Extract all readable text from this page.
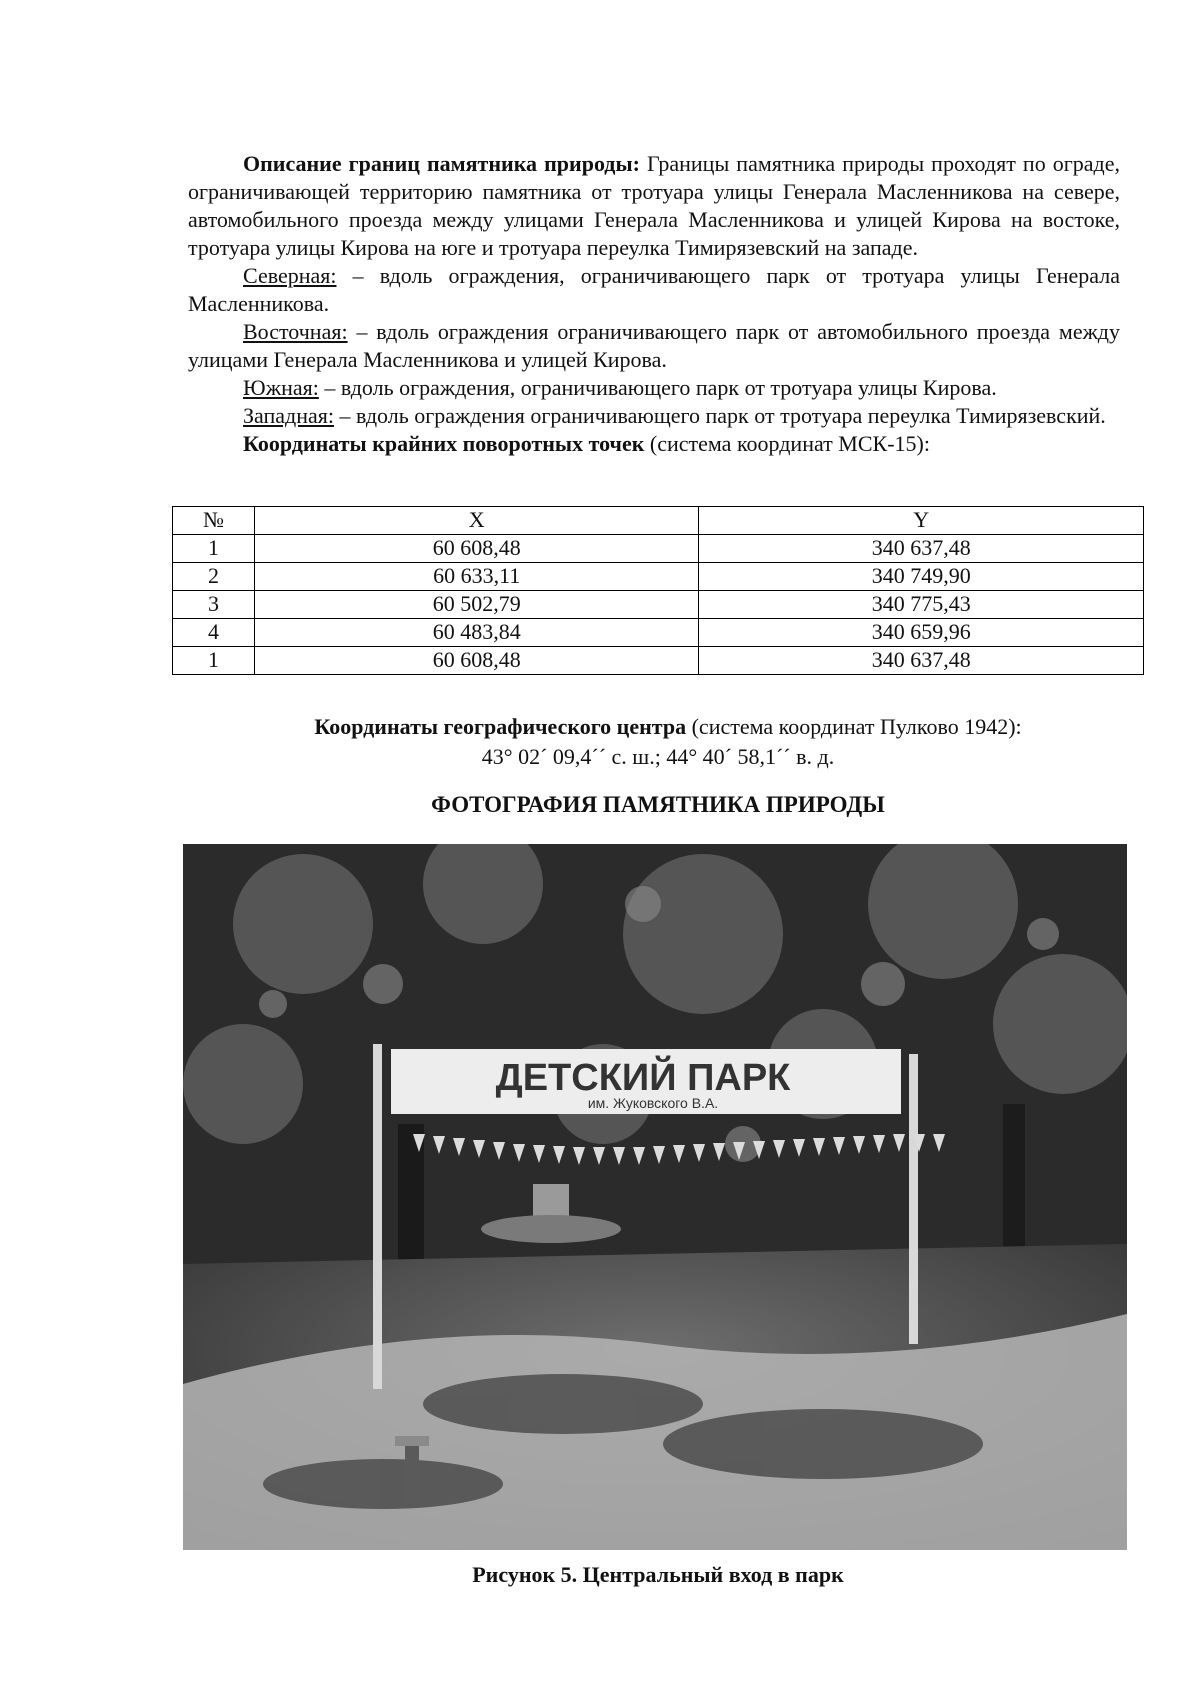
Описание границ памятника природы: Границы памятника природы проходят по ограде, ограничивающей территорию памятника от тротуара улицы Генерала Масленникова на севере, автомобильного проезда между улицами Генерала Масленникова и улицей Кирова на востоке, тротуара улицы Кирова на юге и тротуара переулка Тимирязевский на западе.

Северная: – вдоль ограждения, ограничивающего парк от тротуара улицы Генерала Масленникова.

Восточная: – вдоль ограждения ограничивающего парк от автомобильного проезда между улицами Генерала Масленникова и улицей Кирова.

Южная: – вдоль ограждения, ограничивающего парк от тротуара улицы Кирова.

Западная: – вдоль ограждения ограничивающего парк от тротуара переулка Тимирязевский.

Координаты крайних поворотных точек (система координат МСК-15):

№	X	Y
1	60 608,48	340 637,48
2	60 633,11	340 749,90
3	60 502,79	340 775,43
4	60 483,84	340 659,96
1	60 608,48	340 637,48
Координаты географического центра (система координат Пулково 1942):
43° 02´ 09,4´´ с. ш.; 44° 40´ 58,1´´ в. д.
ФОТОГРАФИЯ ПАМЯТНИКА ПРИРОДЫ
ДЕТСКИЙ ПАРК
им. Жуковского В.А.
Рисунок 5. Центральный вход в парк
